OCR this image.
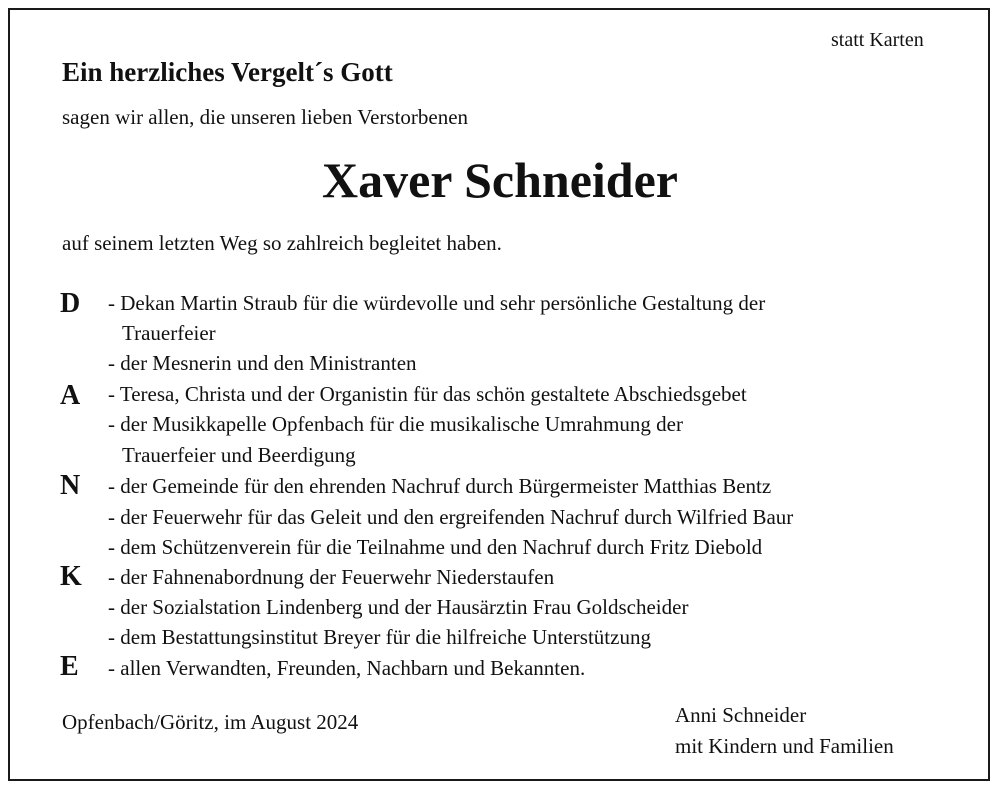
statt Karten
Ein herzliches Vergelt´s Gott
sagen wir allen, die unseren lieben Verstorbenen
Xaver Schneider
auf seinem letzten Weg so zahlreich begleitet haben.
D
A
N
K
E
- Dekan Martin Straub für die würdevolle und sehr persönliche Gestaltung der
Trauerfeier
- der Mesnerin und den Ministranten
- Teresa, Christa und der Organistin für das schön gestaltete Abschiedsgebet
- der Musikkapelle Opfenbach für die musikalische Umrahmung der
Trauerfeier und Beerdigung
- der Gemeinde für den ehrenden Nachruf durch Bürgermeister Matthias Bentz
- der Feuerwehr für das Geleit und den ergreifenden Nachruf durch Wilfried Baur
- dem Schützenverein für die Teilnahme und den Nachruf durch Fritz Diebold
- der Fahnenabordnung der Feuerwehr Niederstaufen
- der Sozialstation Lindenberg und der Hausärztin Frau Goldscheider
- dem Bestattungsinstitut Breyer für die hilfreiche Unterstützung
- allen Verwandten, Freunden, Nachbarn und Bekannten.
Opfenbach/Göritz, im August 2024	Anni Schneider
mit Kindern und Familien
